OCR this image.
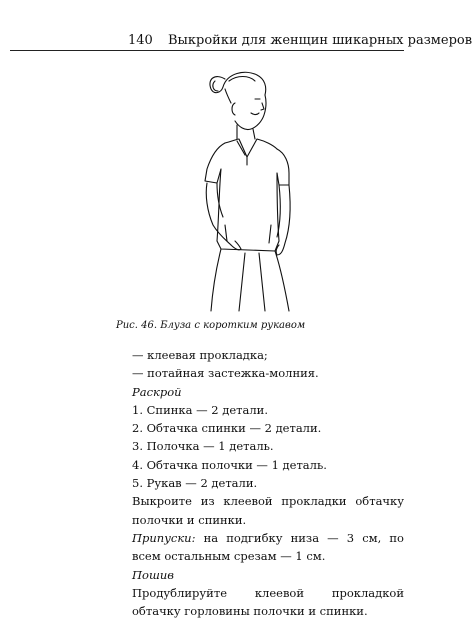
140 Выкройки для женщин шикарных размеров
Рис. 46. Блуза с коротким рукавом

— клеевая прокладка;

— потайная застежка-молния.

Раскрой

1. Спинка — 2 детали.

2. Обтачка спинки — 2 детали.

3. Полочка — 1 деталь.

4. Обтачка полочки — 1 деталь.

5. Рукав — 2 детали.

Выкроите из клеевой прокладки обтачку полочки и спинки.

Припуски: на подгибку низа — 3 см, по всем остальным срезам — 1 см.

Пошив

Продублируйте клеевой прокладкой обтачку горловины полочки и спинки.
